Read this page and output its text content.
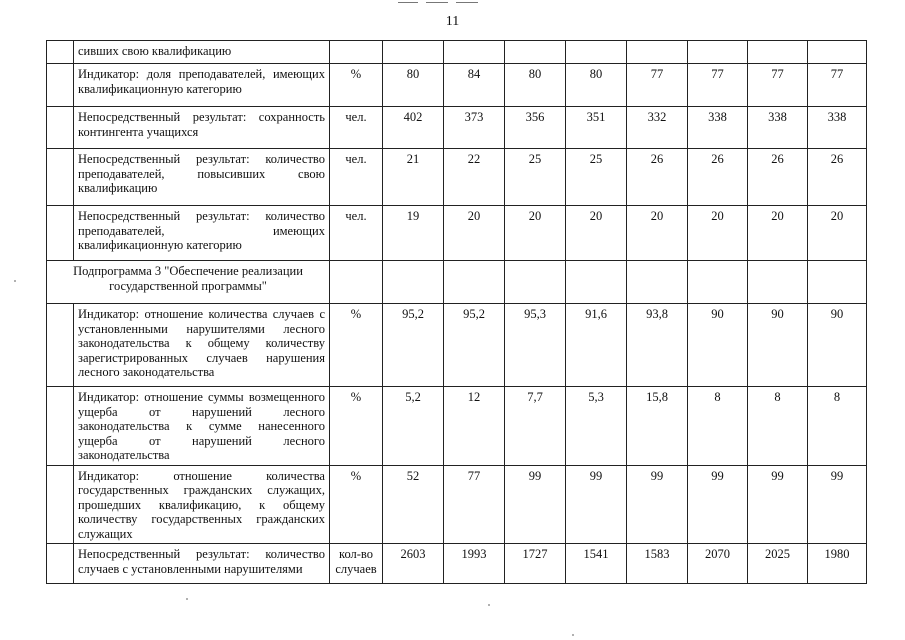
11
	сивших свою квалификацию									
	Индикатор: доля преподавателей, имеющих квалификационную категорию	%	80	84	80	80	77	77	77	77
	Непосредственный результат: сохранность контингента учащихся	чел.	402	373	356	351	332	338	338	338
	Непосредственный результат: количество преподавателей, повысивших свою квалификацию	чел.	21	22	25	25	26	26	26	26
	Непосредственный результат: количество преподавателей, имеющих квалификационную категорию	чел.	19	20	20	20	20	20	20	20
Подпрограмма 3 "Обеспечение реализации государственной программы"										
	Индикатор: отношение количества случаев с установленными нарушителями лесного законодательства к общему количеству зарегистрированных случаев нарушения лесного законодательства	%	95,2	95,2	95,3	91,6	93,8	90	90	90
	Индикатор: отношение суммы возмещенного ущерба от нарушений лесного законодательства к сумме нанесенного ущерба от нарушений лесного законодательства	%	5,2	12	7,7	5,3	15,8	8	8	8
	Индикатор: отношение количества государственных гражданских служащих, прошедших квалификацию, к общему количеству государственных гражданских служащих	%	52	77	99	99	99	99	99	99
	Непосредственный результат: количество случаев с установленными нарушителями	кол-во случаев	2603	1993	1727	1541	1583	2070	2025	1980
